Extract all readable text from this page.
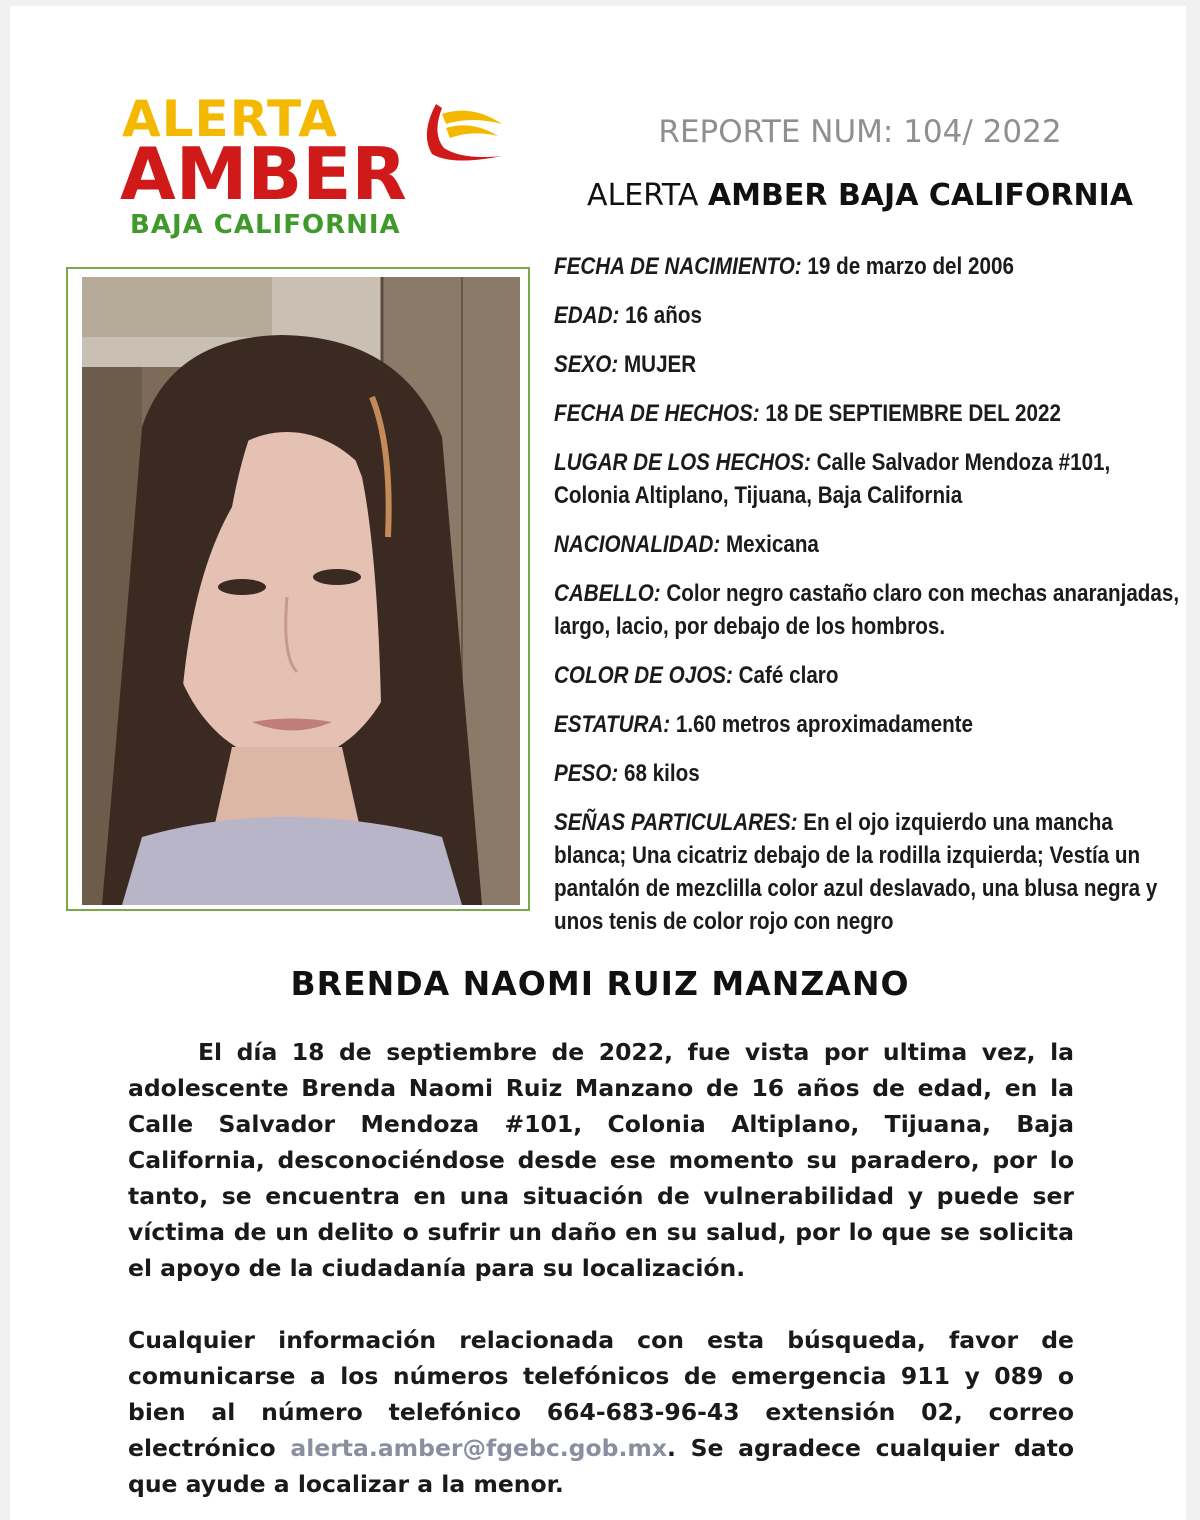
ALERTA
AMBER
BAJA CALIFORNIA
REPORTE NUM: 104/ 2022
ALERTA AMBER BAJA CALIFORNIA
FECHA DE NACIMIENTO: 19 de marzo del 2006
EDAD: 16 años
SEXO: MUJER
FECHA DE HECHOS: 18 DE SEPTIEMBRE DEL 2022
LUGAR DE LOS HECHOS: Calle Salvador Mendoza #101, Colonia Altiplano, Tijuana, Baja California
NACIONALIDAD: Mexicana
CABELLO: Color negro castaño claro con mechas anaranjadas, largo, lacio, por debajo de los hombros.
COLOR DE OJOS: Café claro
ESTATURA: 1.60 metros aproximadamente
PESO: 68 kilos
SEÑAS PARTICULARES: En el ojo izquierdo una mancha blanca; Una cicatriz debajo de la rodilla izquierda; Vestía un pantalón de mezclilla color azul deslavado, una blusa negra y unos tenis de color rojo con negro
BRENDA NAOMI RUIZ MANZANO
El día 18 de septiembre de 2022, fue vista por ultima vez, la adolescente Brenda Naomi Ruiz Manzano de 16 años de edad, en la Calle Salvador Mendoza #101, Colonia Altiplano, Tijuana, Baja California, desconociéndose desde ese momento su paradero, por lo tanto, se encuentra en una situación de vulnerabilidad y puede ser víctima de un delito o sufrir un daño en su salud, por lo que se solicita el apoyo de la ciudadanía para su localización.
Cualquier información relacionada con esta búsqueda, favor de comunicarse a los números telefónicos de emergencia 911 y 089 o bien al número telefónico 664-683-96-43 extensión 02, correo electrónico alerta.amber@fgebc.gob.mx. Se agradece cualquier dato que ayude a localizar a la menor.
